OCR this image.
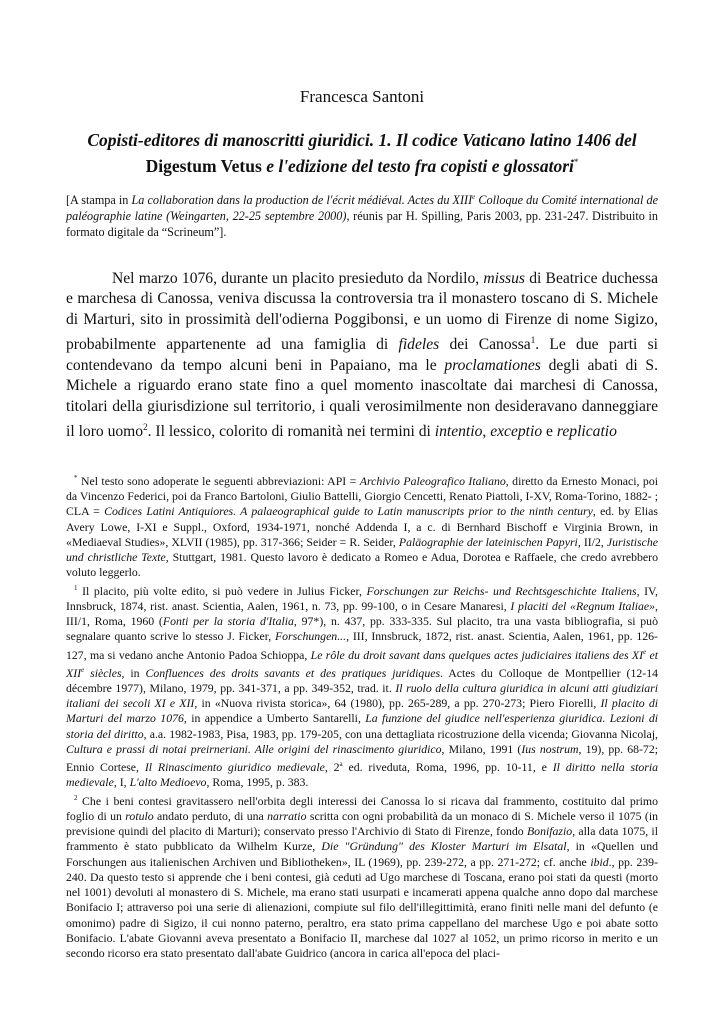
Francesca Santoni
Copisti-editores di manoscritti giuridici. 1. Il codice Vaticano latino 1406 del
Digestum Vetus e l'edizione del testo fra copisti e glossatori*
[A stampa in La collaboration dans la production de l'écrit médiéval. Actes du XIIIe Colloque du Comité international de paléographie latine (Weingarten, 22-25 septembre 2000), réunis par H. Spilling, Paris 2003, pp. 231-247. Distribuito in formato digitale da “Scrineum”].

Nel marzo 1076, durante un placito presieduto da Nordilo, missus di Beatrice duchessa e marchesa di Canossa, veniva discussa la controversia tra il monastero toscano di S. Michele di Marturi, sito in prossimità dell'odierna Poggibonsi, e un uomo di Firenze di nome Sigizo, probabilmente appartenente ad una famiglia di fideles dei Canossa$^1$. Le due parti si contendevano da tempo alcuni beni in Papaiano, ma le proclamationes degli abati di S. Michele a riguardo erano state fino a quel momento inascoltate dai marchesi di Canossa, titolari della giurisdizione sul territorio, i quali verosimilmente non desideravano danneggiare il loro uomo$^2$. Il lessico, colorito di romanità nei termini di intentio, exceptio e replicatio

* Nel testo sono adoperate le seguenti abbreviazioni: API = Archivio Paleografico Italiano, diretto da Ernesto Monaci, poi da Vincenzo Federici, poi da Franco Bartoloni, Giulio Battelli, Giorgio Cencetti, Renato Piattoli, I-XV, Roma-Torino, 1882- ; CLA = Codices Latini Antiquiores. A palaeographical guide to Latin manuscripts prior to the ninth century, ed. by Elias Avery Lowe, I-XI e Suppl., Oxford, 1934-1971, nonché Addenda I, a c. di Bernhard Bischoff e Virginia Brown, in «Mediaeval Studies», XLVII (1985), pp. 317-366; Seider = R. Seider, Paläographie der lateinischen Papyri, II/2, Juristische und christliche Texte, Stuttgart, 1981. Questo lavoro è dedicato a Romeo e Adua, Dorotea e Raffaele, che credo avrebbero voluto leggerlo.

$^1$ Il placito, più volte edito, si può vedere in Julius Ficker, Forschungen zur Reichs- und Rechtsgeschichte Italiens, IV, Innsbruck, 1874, rist. anast. Scientia, Aalen, 1961, n. 73, pp. 99-100, o in Cesare Manaresi, I placiti del «Regnum Italiae», III/1, Roma, 1960 (Fonti per la storia d'Italia, 97*), n. 437, pp. 333-335. Sul placito, tra una vasta bibliografia, si può segnalare quanto scrive lo stesso J. Ficker, Forschungen..., III, Innsbruck, 1872, rist. anast. Scientia, Aalen, 1961, pp. 126-127, ma si vedano anche Antonio Padoa Schioppa, Le rôle du droit savant dans quelques actes judiciaires italiens des XIe et XIIe siècles, in Confluences des droits savants et des pratiques juridiques. Actes du Colloque de Montpellier (12-14 décembre 1977), Milano, 1979, pp. 341-371, a pp. 349-352, trad. it. Il ruolo della cultura giuridica in alcuni atti giudiziari italiani dei secoli XI e XII, in «Nuova rivista storica», 64 (1980), pp. 265-289, a pp. 270-273; Piero Fiorelli, Il placito di Marturi del marzo 1076, in appendice a Umberto Santarelli, La funzione del giudice nell'esperienza giuridica. Lezioni di storia del diritto, a.a. 1982-1983, Pisa, 1983, pp. 179-205, con una dettagliata ricostruzione della vicenda; Giovanna Nicolaj, Cultura e prassi di notai preirneriani. Alle origini del rinascimento giuridico, Milano, 1991 (Ius nostrum, 19), pp. 68-72; Ennio Cortese, Il Rinascimento giuridico medievale, 2$^a$ ed. riveduta, Roma, 1996, pp. 10-11, e Il diritto nella storia medievale, I, L'alto Medioevo, Roma, 1995, p. 383.

$^2$ Che i beni contesi gravitassero nell'orbita degli interessi dei Canossa lo si ricava dal frammento, costituito dal primo foglio di un rotulo andato perduto, di una narratio scritta con ogni probabilità da un monaco di S. Michele verso il 1075 (in previsione quindi del placito di Marturi); conservato presso l'Archivio di Stato di Firenze, fondo Bonifazio, alla data 1075, il frammento è stato pubblicato da Wilhelm Kurze, Die "Gründung" des Kloster Marturi im Elsatal, in «Quellen und Forschungen aus italienischen Archiven und Bibliotheken», IL (1969), pp. 239-272, a pp. 271-272; cf. anche ibid., pp. 239-240. Da questo testo si apprende che i beni contesi, già ceduti ad Ugo marchese di Toscana, erano poi stati da questi (morto nel 1001) devoluti al monastero di S. Michele, ma erano stati usurpati e incamerati appena qualche anno dopo dal marchese Bonifacio I; attraverso poi una serie di alienazioni, compiute sul filo dell'illegittimità, erano finiti nelle mani del defunto (e omonimo) padre di Sigizo, il cui nonno paterno, peraltro, era stato prima cappellano del marchese Ugo e poi abate sotto Bonifacio. L'abate Giovanni aveva presentato a Bonifacio II, marchese dal 1027 al 1052, un primo ricorso in merito e un secondo ricorso era stato presentato dall'abate Guidrico (ancora in carica all'epoca del placi-
